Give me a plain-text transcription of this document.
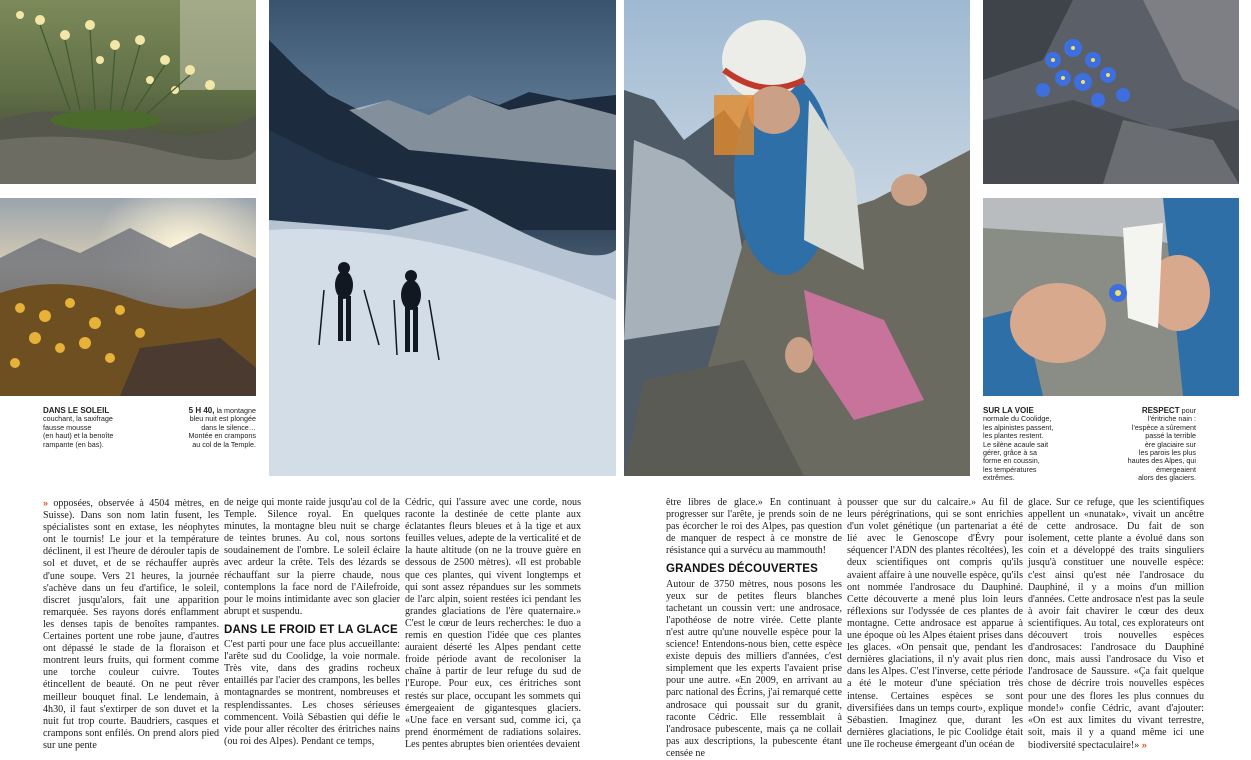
DANS LE SOLEIL
couchant, la saxifrage
fausse mousse
(en haut) et la benoîte
rampante (en bas).
5 H 40, la montagne
bleu nuit est plongée
dans le silence…
Montée en crampons
au col de la Temple.
SUR LA VOIE
normale du Coolidge,
les alpinistes passent,
les plantes restent.
Le silène acaule sait
gérer, grâce à sa
forme en coussin,
les températures
extrêmes.
RESPECT pour
l'éritriche nain :
l'espèce a sûrement
passé la terrible
ère glaciaire sur
les parois les plus
hautes des Alpes, qui
émergeaient
alors des glaciers.

» opposées, observée à 4504 mètres, en Suisse). Dans son nom latin fusent, les spécialistes sont en extase, les néophytes ont le tournis! Le jour et la température déclinent, il est l'heure de dérouler tapis de sol et duvet, et de se réchauffer auprès d'une soupe. Vers 21 heures, la journée s'achève dans un feu d'artifice, le soleil, discret jusqu'alors, fait une apparition remarquée. Ses rayons dorés enflamment les denses tapis de benoîtes rampantes. Certaines portent une robe jaune, d'autres ont dépassé le stade de la floraison et montrent leurs fruits, qui forment comme une torche couleur cuivre. Toutes étincellent de beauté. On ne peut rêver meilleur bouquet final. Le lendemain, à 4h30, il faut s'extirper de son duvet et la nuit fut trop courte. Baudriers, casques et crampons sont enfilés. On prend alors pied sur une pente

de neige qui monte raide jusqu'au col de la Temple. Silence royal. En quelques minutes, la montagne bleu nuit se charge de teintes brunes. Au col, nous sortons soudainement de l'ombre. Le soleil éclaire avec ardeur la crête. Tels des lézards se réchauffant sur la pierre chaude, nous contemplons la face nord de l'Ailefroide, pour le moins intimidante avec son glacier abrupt et suspendu.

DANS LE FROID ET LA GLACE

C'est parti pour une face plus accueillante: l'arête sud du Coolidge, la voie normale. Très vite, dans des gradins rocheux entaillés par l'acier des crampons, les belles montagnardes se montrent, nombreuses et resplendissantes. Les choses sérieuses commencent. Voilà Sébastien qui défie le vide pour aller récolter des éritriches nains (ou roi des Alpes). Pendant ce temps,

Cédric, qui l'assure avec une corde, nous raconte la destinée de cette plante aux éclatantes fleurs bleues et à la tige et aux feuilles velues, adepte de la verticalité et de la haute altitude (on ne la trouve guère en dessous de 2500 mètres). «Il est probable que ces plantes, qui vivent longtemps et qui sont assez répandues sur les sommets de l'arc alpin, soient restées ici pendant les grandes glaciations de l'ère quaternaire.» C'est le cœur de leurs recherches: le duo a remis en question l'idée que ces plantes auraient déserté les Alpes pendant cette froide période avant de recoloniser la chaîne à partir de leur refuge du sud de l'Europe. Pour eux, ces éritriches sont restés sur place, occupant les sommets qui émergeaient de gigantesques glaciers. «Une face en versant sud, comme ici, ça prend énormément de radiations solaires. Les pentes abruptes bien orientées devaient

être libres de glace.» En continuant à progresser sur l'arête, je prends soin de ne pas écorcher le roi des Alpes, pas question de manquer de respect à ce monstre de résistance qui a survécu au mammouth!

GRANDES DÉCOUVERTES

Autour de 3750 mètres, nous posons les yeux sur de petites fleurs blanches tachetant un coussin vert: une androsace, l'apothéose de notre virée. Cette plante n'est autre qu'une nouvelle espèce pour la science! Entendons-nous bien, cette espèce existe depuis des milliers d'années, c'est simplement que les experts l'avaient prise pour une autre. «En 2009, en arrivant au parc national des Écrins, j'ai remarqué cette androsace qui poussait sur du granit, raconte Cédric. Elle ressemblait à l'androsace pubescente, mais ça ne collait pas aux descriptions, la pubescente étant censée ne

pousser que sur du calcaire.» Au fil de leurs pérégrinations, qui se sont enrichies d'un volet génétique (un partenariat a été lié avec le Genoscope d'Évry pour séquencer l'ADN des plantes récoltées), les deux scientifiques ont compris qu'ils avaient affaire à une nouvelle espèce, qu'ils ont nommée l'androsace du Dauphiné. Cette découverte a mené plus loin leurs réflexions sur l'odyssée de ces plantes de montagne. Cette androsace est apparue à une époque où les Alpes étaient prises dans les glaces. «On pensait que, pendant les dernières glaciations, il n'y avait plus rien dans les Alpes. C'est l'inverse, cette période a été le moteur d'une spéciation très intense. Certaines espèces se sont diversifiées dans un temps court», explique Sébastien. Imaginez que, durant les dernières glaciations, le pic Coolidge était une île rocheuse émergeant d'un océan de

glace. Sur ce refuge, que les scientifiques appellent un «nunatak», vivait un ancêtre de cette androsace. Du fait de son isolement, cette plante a évolué dans son coin et a développé des traits singuliers jusqu'à constituer une nouvelle espèce: c'est ainsi qu'est née l'androsace du Dauphiné, il y a moins d'un million d'années. Cette androsace n'est pas la seule à avoir fait chavirer le cœur des deux scientifiques. Au total, ces explorateurs ont découvert trois nouvelles espèces d'androsaces: l'androsace du Dauphiné donc, mais aussi l'androsace du Viso et l'androsace de Saussure. «Ça fait quelque chose de décrire trois nouvelles espèces pour une des flores les plus connues du monde!» confie Cédric, avant d'ajouter: «On est aux limites du vivant terrestre, soit, mais il y a quand même ici une biodiversité spectaculaire!» »
